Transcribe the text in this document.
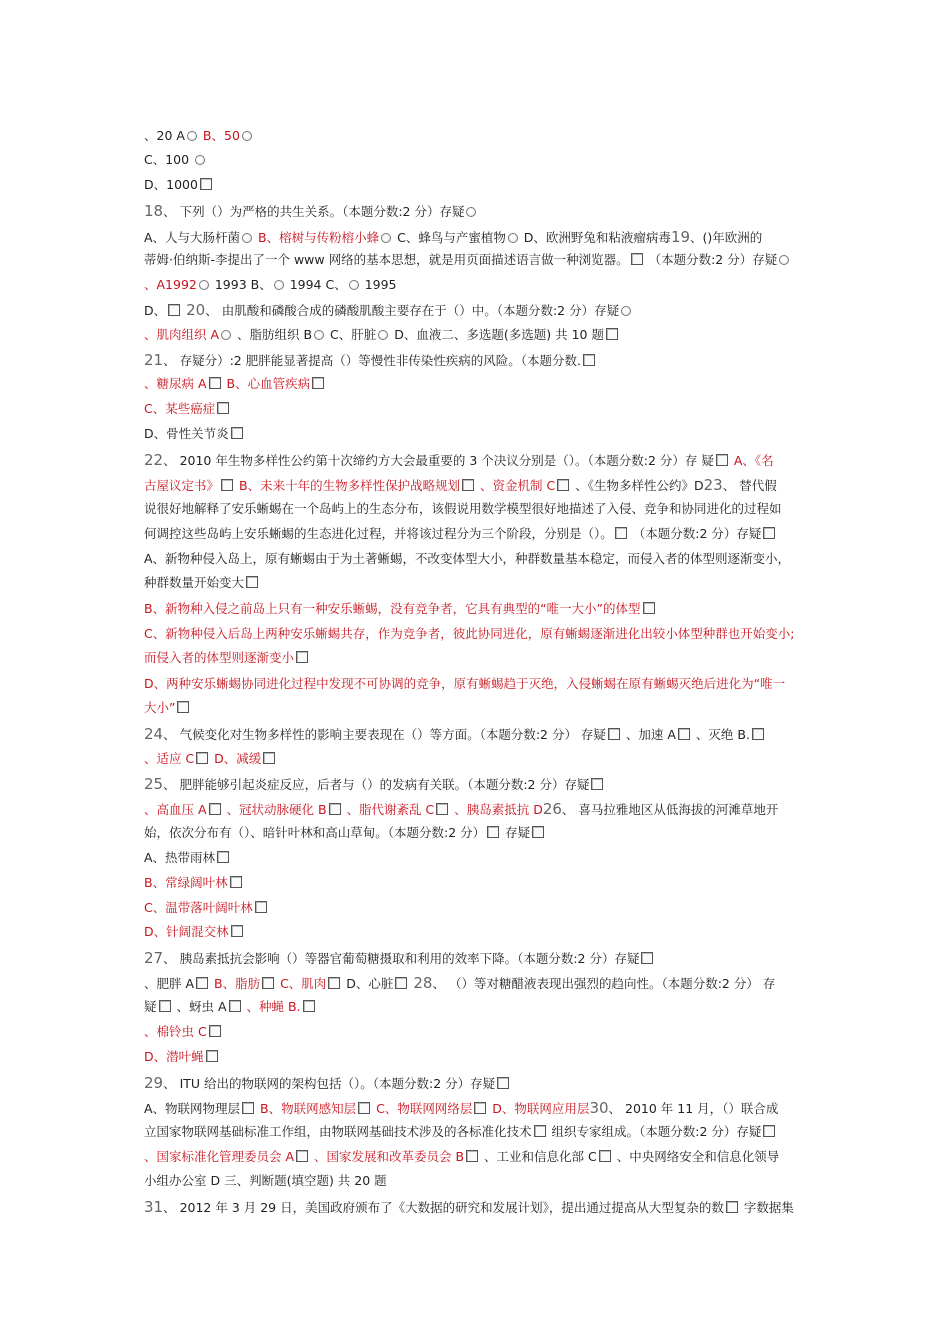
、20 A B、50
C、100
D、1000
18、 下列（）为严格的共生关系。（本题分数:2 分）存疑
A、人与大肠杆菌 B、榕树与传粉榕小蜂 C、蜂鸟与产蜜植物 D、欧洲野兔和粘液瘤病毒19、()年欧洲的
蒂姆·伯纳斯-李提出了一个 www 网络的基本思想，就是用页面描述语言做一种浏览器。 （本题分数:2 分）存疑
、A1992 1993 B、 1994 C、 1995
D、 20、 由肌酸和磷酸合成的磷酸肌酸主要存在于（）中。（本题分数:2 分）存疑
、肌肉组织 A 、脂肪组织 B C、肝脏 D、血液二、多选题(多选题) 共 10 题
21、 存疑分）:2 肥胖能显著提高（）等慢性非传染性疾病的风险。（本题分数.
、糖尿病 A B、心血管疾病
C、某些癌症
D、骨性关节炎
22、 2010 年生物多样性公约第十次缔约方大会最重要的 3 个决议分别是（）。（本题分数:2 分）存 疑 A、《名
古屋议定书》 B、未来十年的生物多样性保护战略规划 、资金机制 C 、《生物多样性公约》D23、 替代假
说很好地解释了安乐蜥蜴在一个岛屿上的生态分布，该假说用数学模型很好地描述了入侵、竞争和协同进化的过程如
何调控这些岛屿上安乐蜥蜴的生态进化过程，并将该过程分为三个阶段，分别是（）。 （本题分数:2 分）存疑
A、新物种侵入岛上，原有蜥蜴由于为土著蜥蜴，不改变体型大小，种群数量基本稳定，而侵入者的体型则逐渐变小，
种群数量开始变大
B、新物种入侵之前岛上只有一种安乐蜥蜴，没有竞争者，它具有典型的“唯一大小”的体型
C、新物种侵入后岛上两种安乐蜥蜴共存，作为竞争者，彼此协同进化，原有蜥蜴逐渐进化出较小体型种群也开始变小;
而侵入者的体型则逐渐变小
D、两种安乐蜥蜴协同进化过程中发现不可协调的竞争，原有蜥蜴趋于灭绝，入侵蜥蜴在原有蜥蜴灭绝后进化为“唯一
大小”
24、 气候变化对生物多样性的影响主要表现在（）等方面。（本题分数:2 分） 存疑 、加速 A 、灭绝 B.
、适应 C D、减缓
25、 肥胖能够引起炎症反应，后者与（）的发病有关联。（本题分数:2 分）存疑
、高血压 A 、冠状动脉硬化 B 、脂代谢紊乱 C 、胰岛素抵抗 D26、 喜马拉雅地区从低海拔的河滩草地开
始，依次分布有（）、暗针叶林和高山草甸。（本题分数:2 分） 存疑
A、热带雨林
B、常绿阔叶林
C、温带落叶阔叶林
D、针阔混交林
27、 胰岛素抵抗会影响（）等器官葡萄糖摄取和利用的效率下降。（本题分数:2 分）存疑
、肥胖 A B、脂肪 C、肌肉 D、心脏 28、 （）等对糖醋液表现出强烈的趋向性。（本题分数:2 分） 存
疑 、蚜虫 A 、种蝇 B.
、棉铃虫 C
D、潜叶蝇
29、 ITU 给出的物联网的架构包括（）。（本题分数:2 分）存疑
A、物联网物理层 B、物联网感知层 C、物联网网络层 D、物联网应用层30、 2010 年 11 月，（）联合成
立国家物联网基础标准工作组，由物联网基础技术涉及的各标准化技术 组织专家组成。（本题分数:2 分）存疑
、国家标准化管理委员会 A 、国家发展和改革委员会 B 、工业和信息化部 C 、中央网络安全和信息化领导
小组办公室 D 三、判断题(填空题) 共 20 题
31、 2012 年 3 月 29 日，美国政府颁布了《大数据的研究和发展计划》，提出通过提高从大型复杂的数 字数据集
